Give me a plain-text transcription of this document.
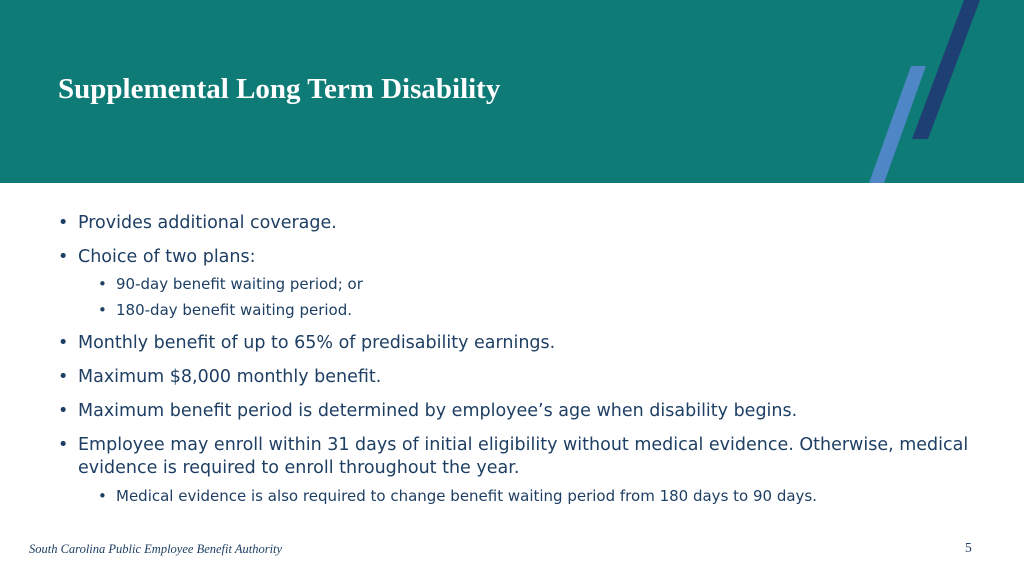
Supplemental Long Term Disability
• Provides additional coverage.
• Choice of two plans:
• 90-day benefit waiting period; or
• 180-day benefit waiting period.
• Monthly benefit of up to 65% of predisability earnings.
• Maximum $8,000 monthly benefit.
• Maximum benefit period is determined by employee’s age when disability begins.
• Employee may enroll within 31 days of initial eligibility without medical evidence. Otherwise, medical evidence is required to enroll throughout the year.
• Medical evidence is also required to change benefit waiting period from 180 days to 90 days.
South Carolina Public Employee Benefit Authority	5
